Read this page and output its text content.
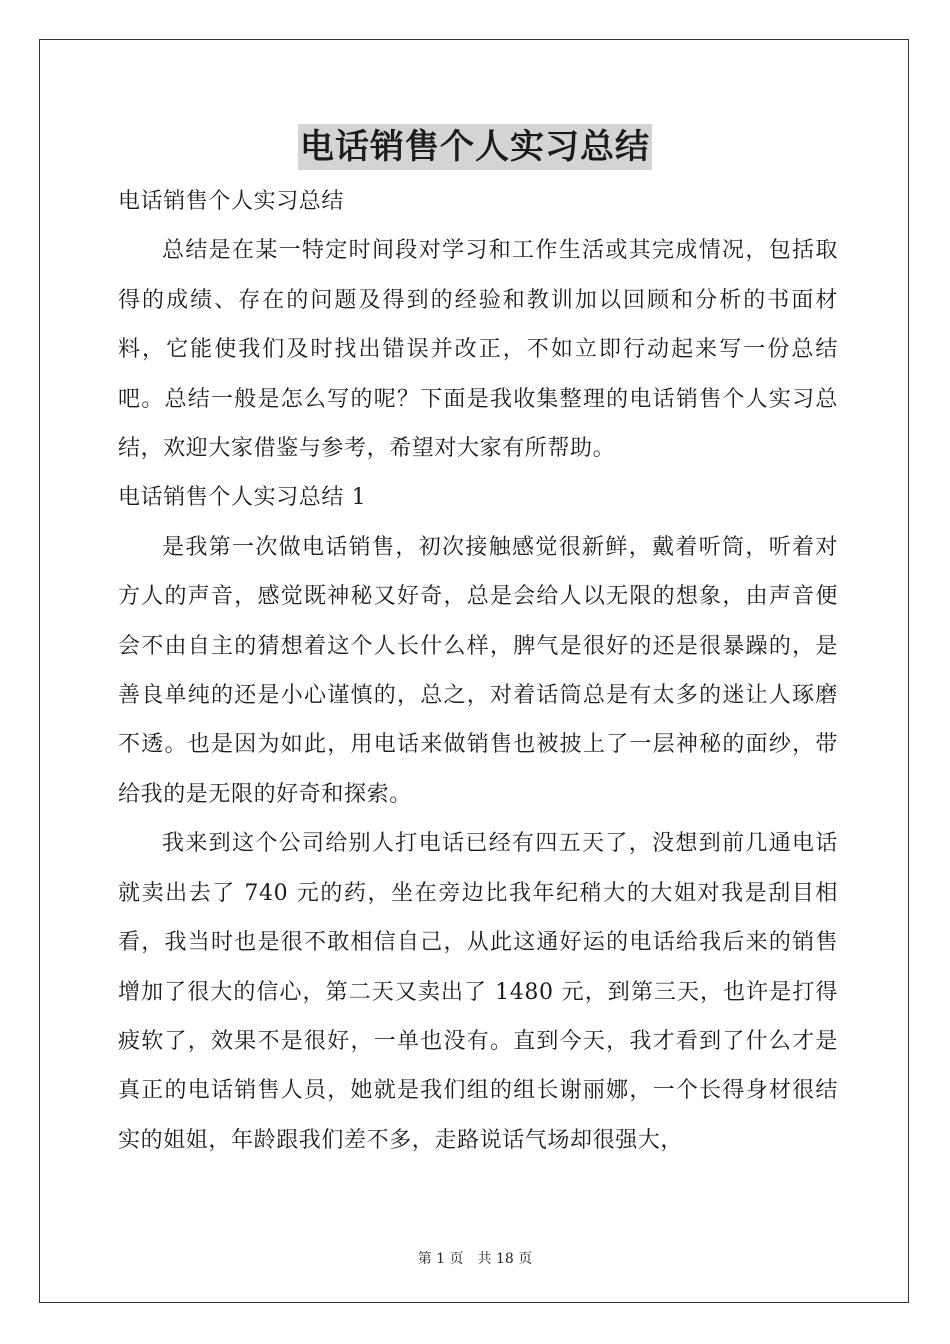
电话销售个人实习总结

电话销售个人实习总结

总结是在某一特定时间段对学习和工作生活或其完成情况，包括取得的成绩、存在的问题及得到的经验和教训加以回顾和分析的书面材料，它能使我们及时找出错误并改正，不如立即行动起来写一份总结吧。总结一般是怎么写的呢？下面是我收集整理的电话销售个人实习总结，欢迎大家借鉴与参考，希望对大家有所帮助。

电话销售个人实习总结 1

是我第一次做电话销售，初次接触感觉很新鲜，戴着听筒，听着对方人的声音，感觉既神秘又好奇，总是会给人以无限的想象，由声音便会不由自主的猜想着这个人长什么样，脾气是很好的还是很暴躁的，是善良单纯的还是小心谨慎的，总之，对着话筒总是有太多的迷让人琢磨不透。也是因为如此，用电话来做销售也被披上了一层神秘的面纱，带给我的是无限的好奇和探索。

我来到这个公司给别人打电话已经有四五天了，没想到前几通电话就卖出去了 740 元的药，坐在旁边比我年纪稍大的大姐对我是刮目相看，我当时也是很不敢相信自己，从此这通好运的电话给我后来的销售增加了很大的信心，第二天又卖出了 1480 元，到第三天，也许是打得疲软了，效果不是很好，一单也没有。直到今天，我才看到了什么才是真正的电话销售人员，她就是我们组的组长谢丽娜，一个长得身材很结实的姐姐，年龄跟我们差不多，走路说话气场却很强大，

第 1 页 共 18 页
